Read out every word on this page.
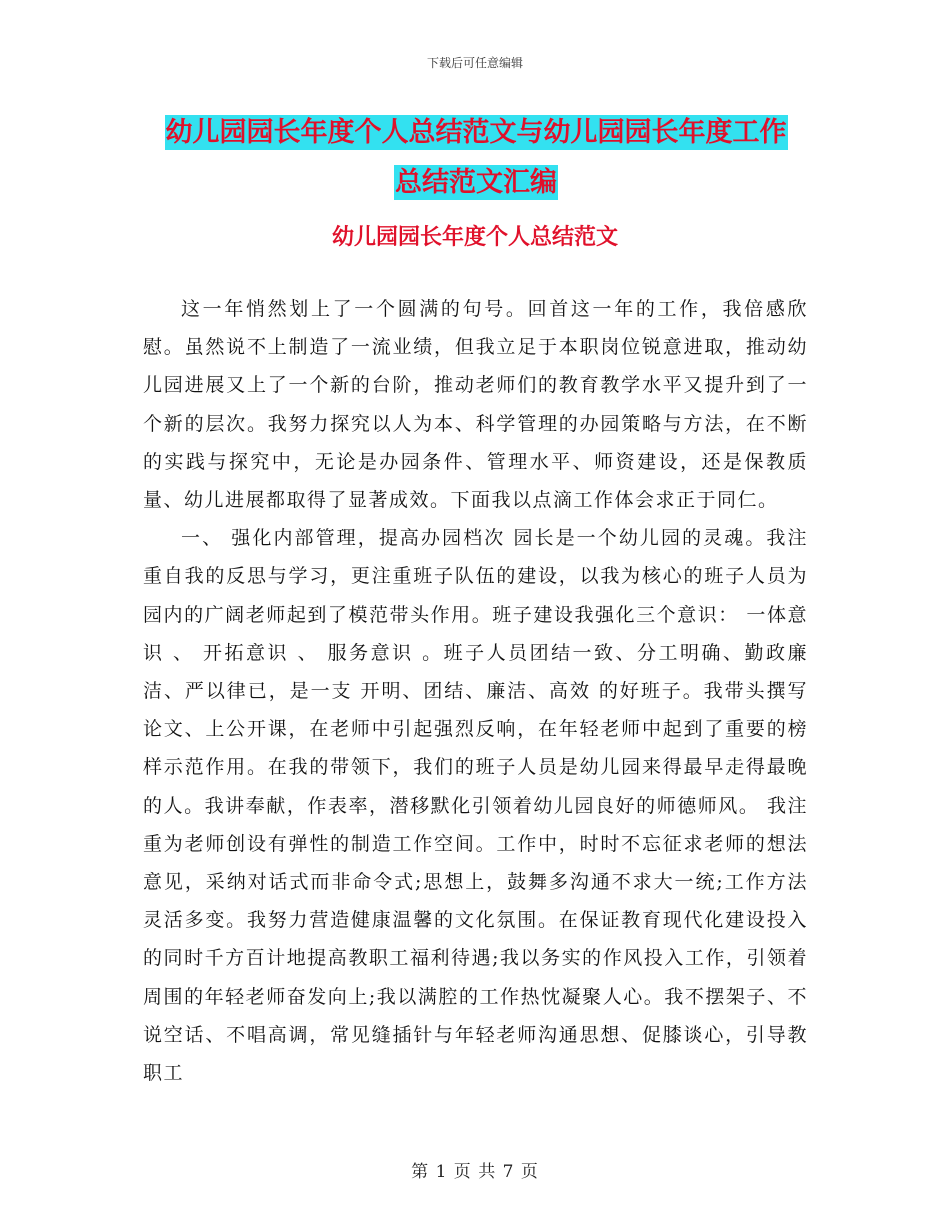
下载后可任意编辑
幼儿园园长年度个人总结范文与幼儿园园长年度工作
总结范文汇编
幼儿园园长年度个人总结范文

这一年悄然划上了一个圆满的句号。回首这一年的工作，我倍感欣慰。虽然说不上制造了一流业绩，但我立足于本职岗位锐意进取，推动幼儿园进展又上了一个新的台阶，推动老师们的教育教学水平又提升到了一个新的层次。我努力探究以人为本、科学管理的办园策略与方法，在不断的实践与探究中，无论是办园条件、管理水平、师资建设，还是保教质量、幼儿进展都取得了显著成效。下面我以点滴工作体会求正于同仁。

一、 强化内部管理，提高办园档次 园长是一个幼儿园的灵魂。我注重自我的反思与学习，更注重班子队伍的建设，以我为核心的班子人员为园内的广阔老师起到了模范带头作用。班子建设我强化三个意识： 一体意识 、 开拓意识 、 服务意识 。班子人员团结一致、分工明确、勤政廉洁、严以律已，是一支 开明、团结、廉洁、高效 的好班子。我带头撰写论文、上公开课，在老师中引起强烈反响，在年轻老师中起到了重要的榜样示范作用。在我的带领下，我们的班子人员是幼儿园来得最早走得最晚的人。我讲奉献，作表率，潜移默化引领着幼儿园良好的师德师风。 我注重为老师创设有弹性的制造工作空间。工作中，时时不忘征求老师的想法意见，采纳对话式而非命令式;思想上，鼓舞多沟通不求大一统;工作方法灵活多变。我努力营造健康温馨的文化氛围。在保证教育现代化建设投入的同时千方百计地提高教职工福利待遇;我以务实的作风投入工作，引领着周围的年轻老师奋发向上;我以满腔的工作热忱凝聚人心。我不摆架子、不说空话、不唱高调，常见缝插针与年轻老师沟通思想、促膝谈心，引导教职工

第 1 页 共 7 页
